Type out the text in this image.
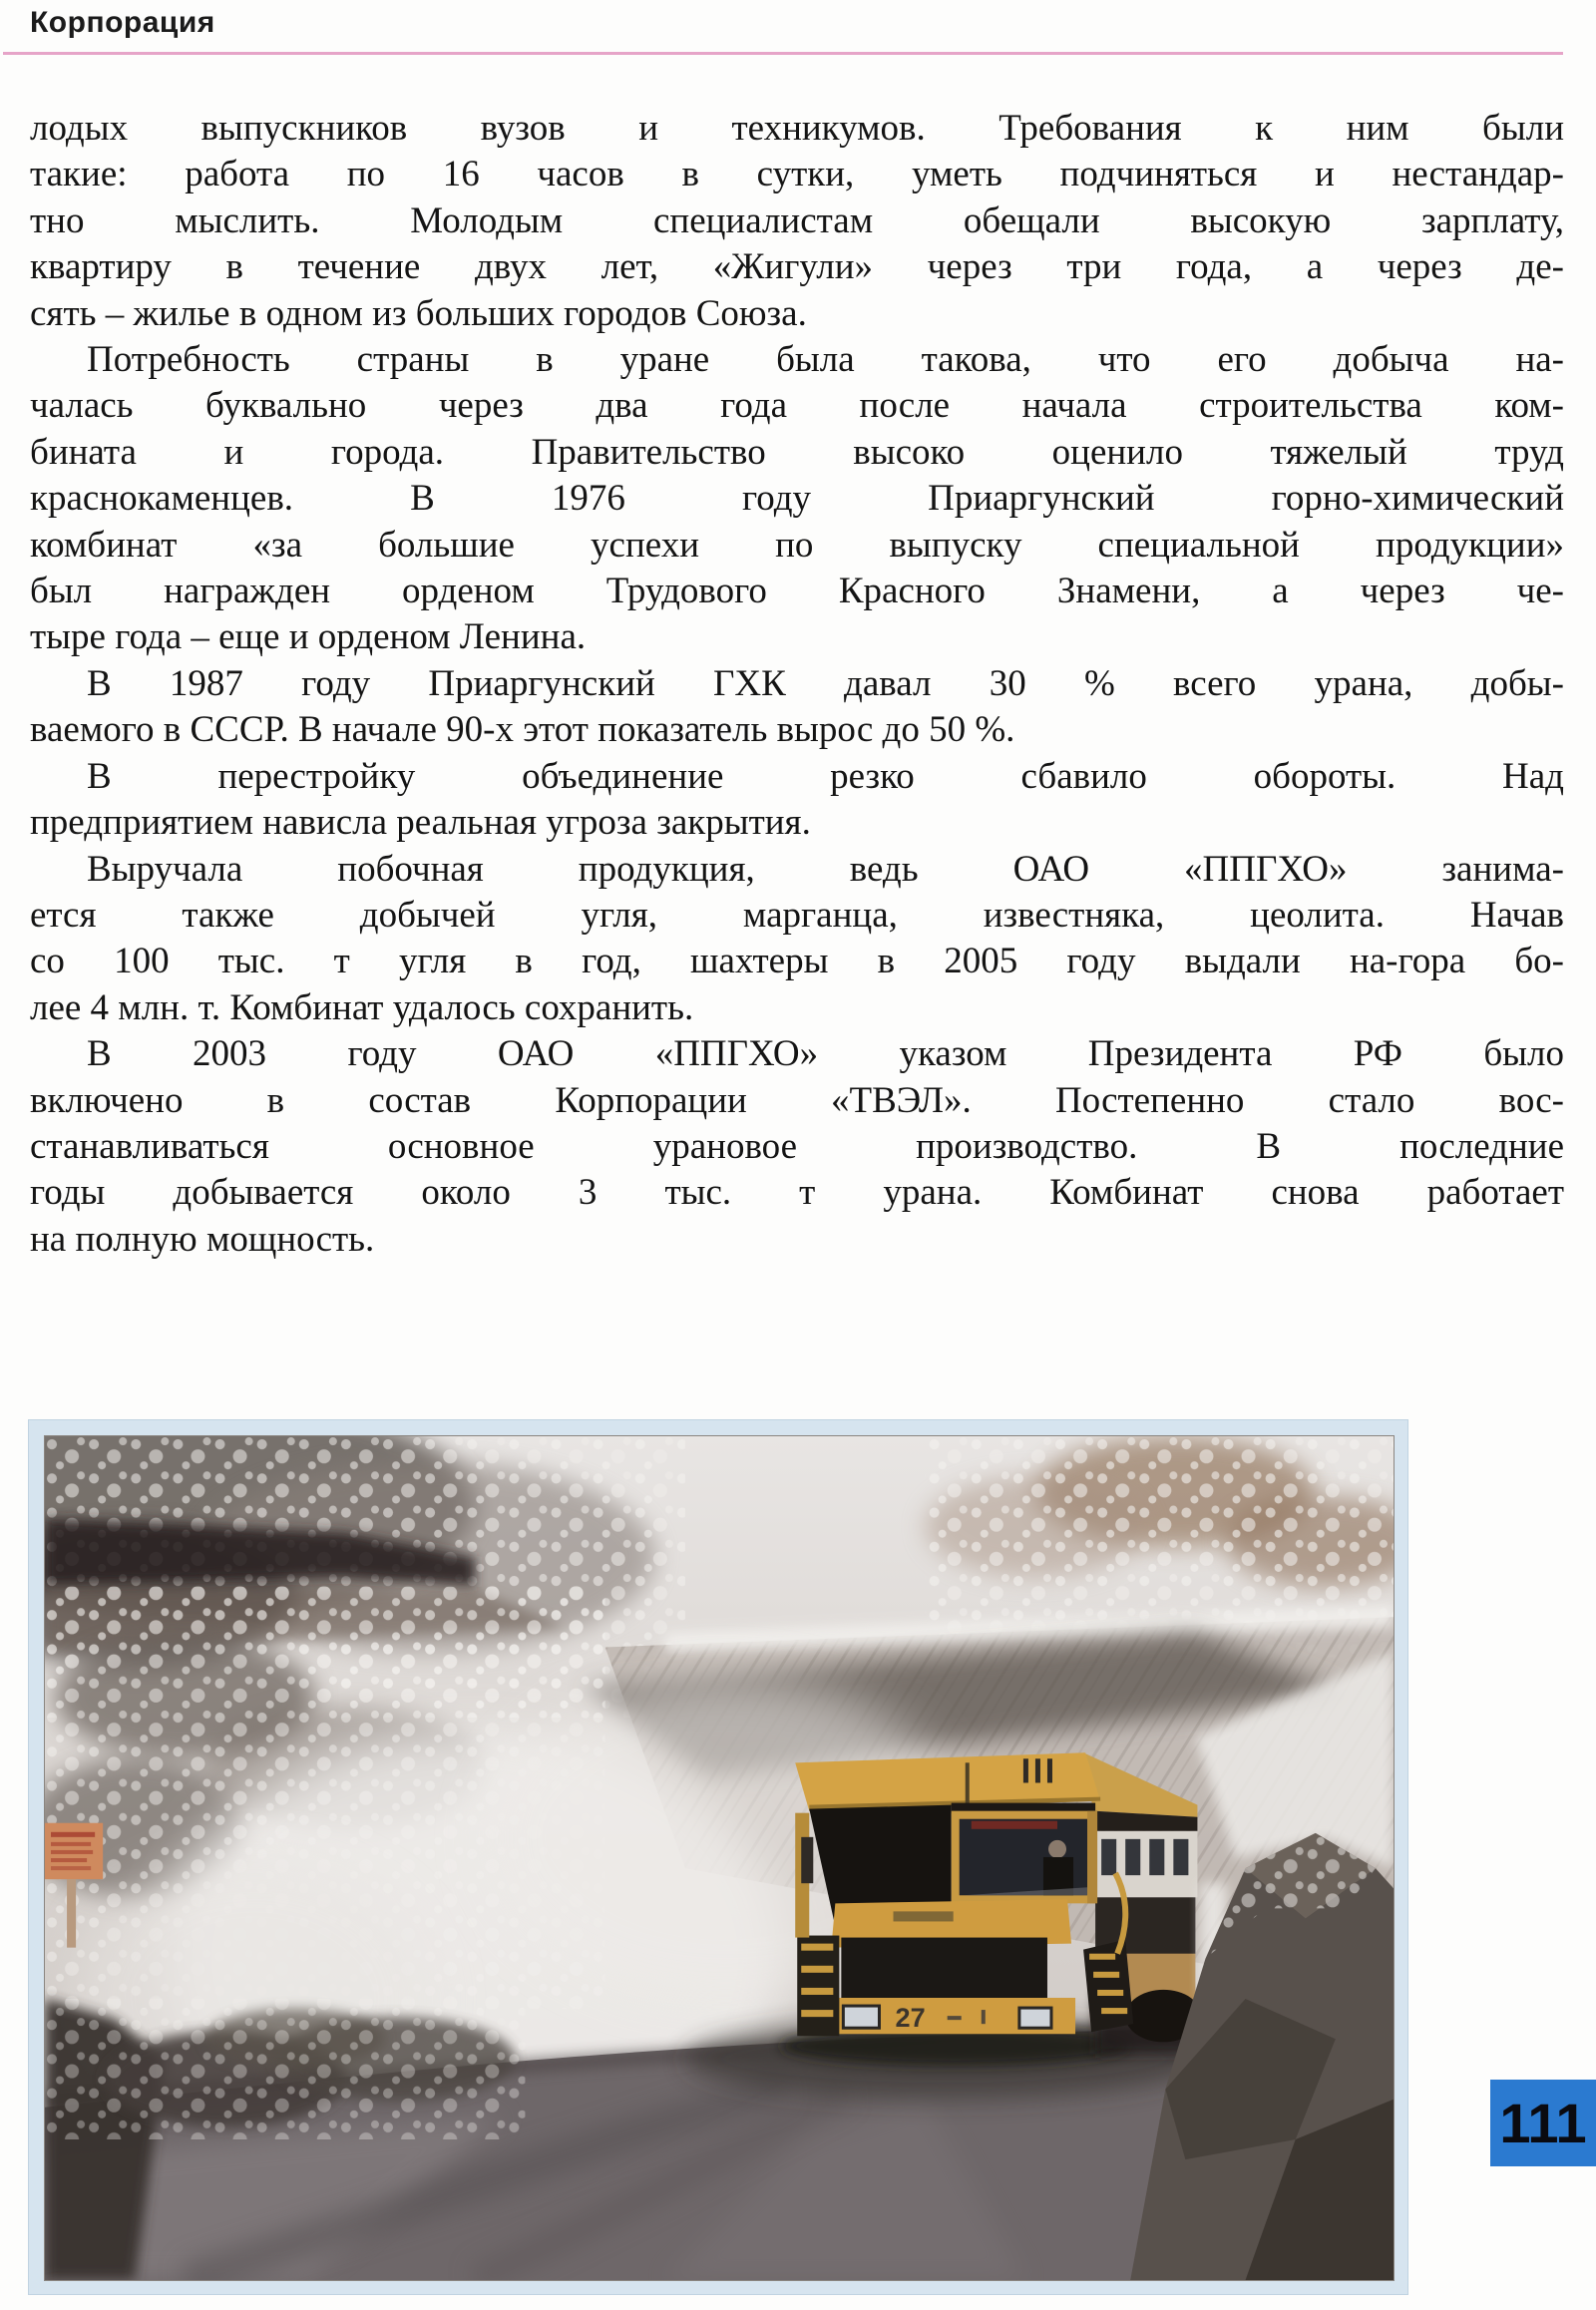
Корпорация
лодых выпускников вузов и техникумов. Требования к ним были
такие: работа по 16 часов в сутки, уметь подчиняться и нестандар-
тно мыслить. Молодым специалистам обещали высокую зарплату,
квартиру в течение двух лет, «Жигули» через три года, а через де-
сять – жилье в одном из больших городов Союза.
Потребность страны в уране была такова, что его добыча на-
чалась буквально через два года после начала строительства ком-
бината и города. Правительство высоко оценило тяжелый труд
краснокаменцев. В 1976 году Приаргунский горно-химический
комбинат «за большие успехи по выпуску специальной продукции»
был награжден орденом Трудового Красного Знамени, а через че-
тыре года – еще и орденом Ленина.
В 1987 году Приаргунский ГХК давал 30 % всего урана, добы-
ваемого в СССР. В начале 90-х этот показатель вырос до 50 %.
В перестройку объединение резко сбавило обороты. Над
предприятием нависла реальная угроза закрытия.
Выручала побочная продукция, ведь ОАО «ППГХО» занима-
ется также добычей угля, марганца, известняка, цеолита. Начав
со 100 тыс. т угля в год, шахтеры в 2005 году выдали на-гора бо-
лее 4 млн. т. Комбинат удалось сохранить.
В 2003 году ОАО «ППГХО» указом Президента РФ было
включено в состав Корпорации «ТВЭЛ». Постепенно стало вос-
станавливаться основное урановое производство. В последние
годы добывается около 3 тыс. т урана. Комбинат снова работает
на полную мощность.
27
111
